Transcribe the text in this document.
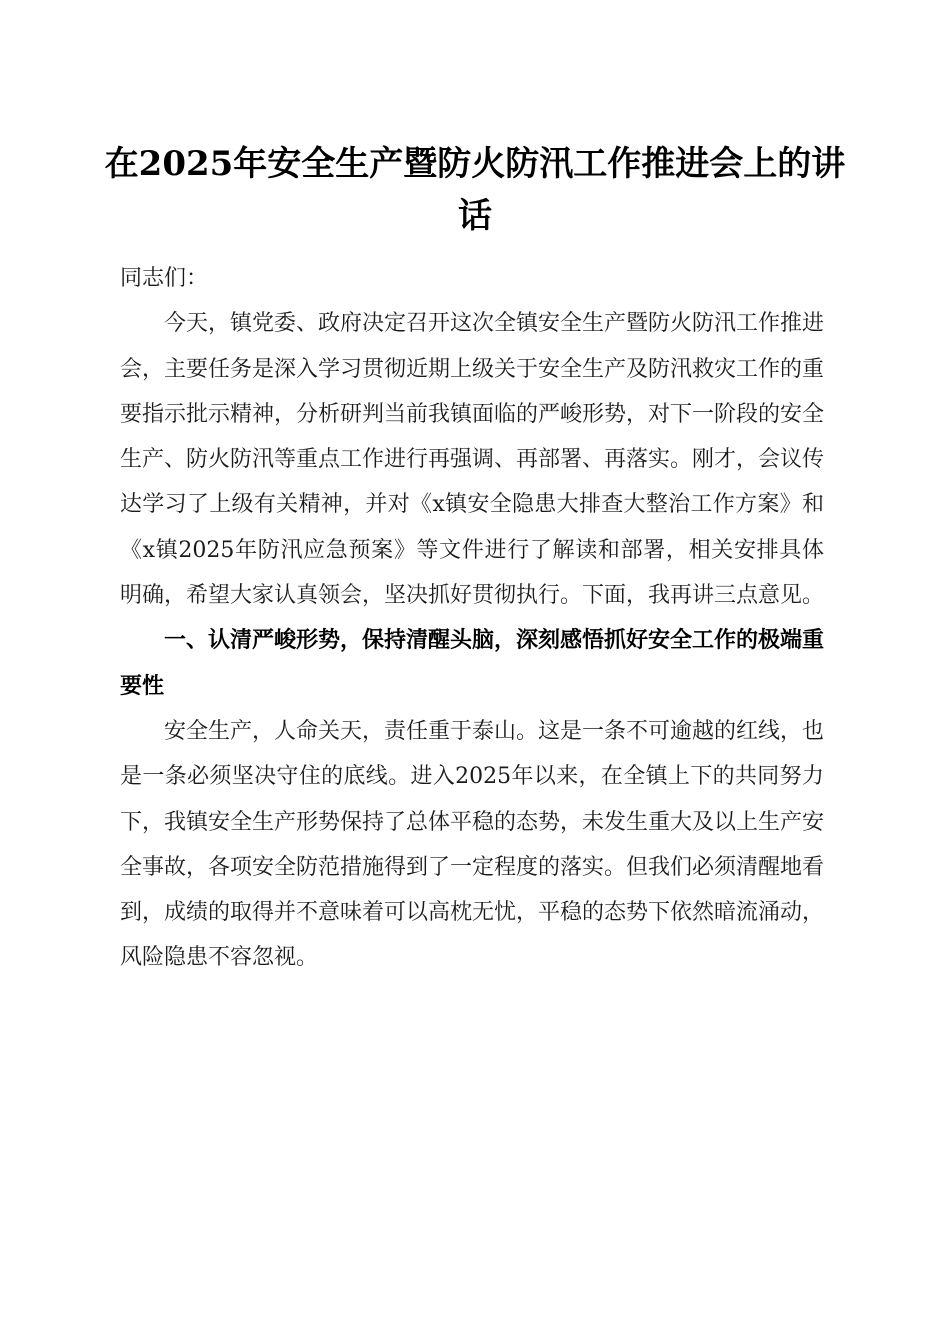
在2025年安全生产暨防火防汛工作推进会上的讲话

同志们：

今天，镇党委、政府决定召开这次全镇安全生产暨防火防汛工作推进会，主要任务是深入学习贯彻近期上级关于安全生产及防汛救灾工作的重要指示批示精神，分析研判当前我镇面临的严峻形势，对下一阶段的安全生产、防火防汛等重点工作进行再强调、再部署、再落实。刚才，会议传达学习了上级有关精神，并对《x镇安全隐患大排查大整治工作方案》和《x镇2025年防汛应急预案》等文件进行了解读和部署，相关安排具体明确，希望大家认真领会，坚决抓好贯彻执行。下面，我再讲三点意见。

一、认清严峻形势，保持清醒头脑，深刻感悟抓好安全工作的极端重要性

安全生产，人命关天，责任重于泰山。这是一条不可逾越的红线，也是一条必须坚决守住的底线。进入2025年以来，在全镇上下的共同努力下，我镇安全生产形势保持了总体平稳的态势，未发生重大及以上生产安全事故，各项安全防范措施得到了一定程度的落实。但我们必须清醒地看到，成绩的取得并不意味着可以高枕无忧，平稳的态势下依然暗流涌动，风险隐患不容忽视。
